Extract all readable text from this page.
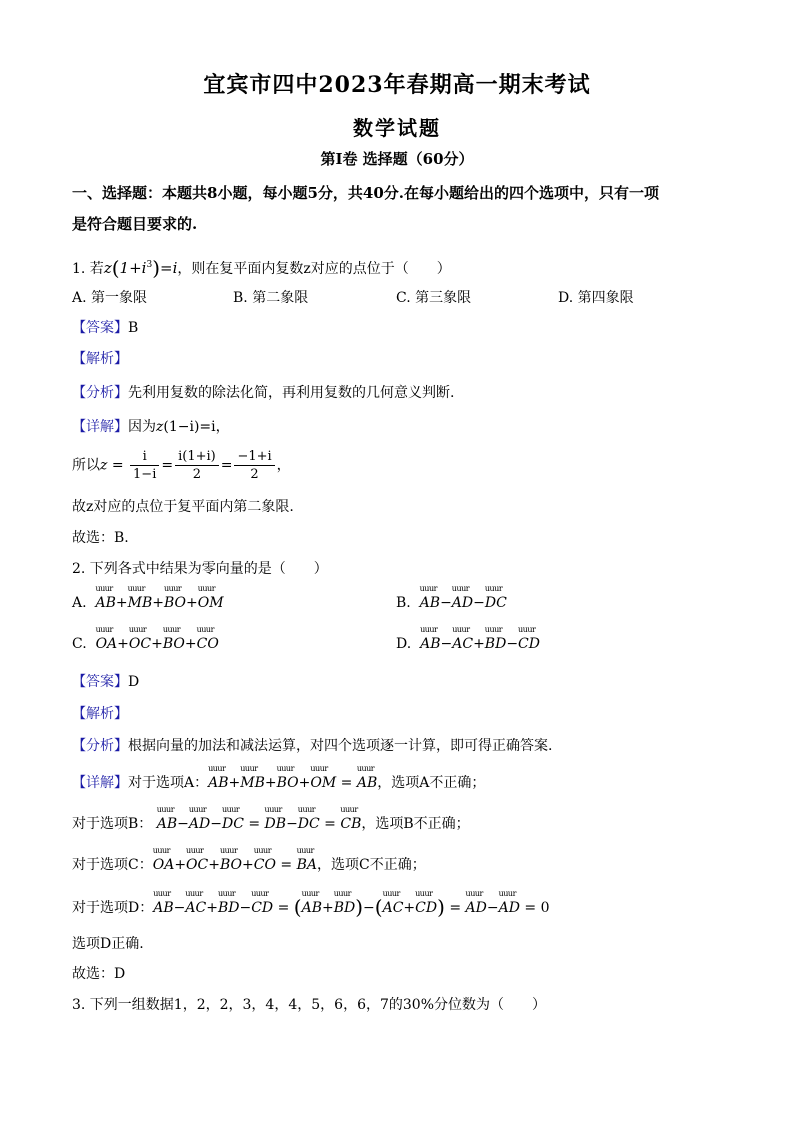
宜宾市四中2023年春期高一期末考试
数学试题
第I卷 选择题（60分）
一、选择题：本题共8小题，每小题5分，共40分.在每小题给出的四个选项中，只有一项
是符合题目要求的.
1. 若$z(1+i^3)=i$，则在复平面内复数z对应的点位于（　　）
A. 第一象限	B. 第二象限	C. 第三象限	D. 第四象限
【答案】B
【解析】
【分析】先利用复数的除法化简，再利用复数的几何意义判断.
【详解】因为z(1−i)=i，
所以$z = \frac{i}{1-i} = \frac{i(1+i)}{2} = \frac{-1+i}{2}$ ，
故z对应的点位于复平面内第二象限.
故选：B.
2. 下列各式中结果为零向量的是（　　）
A. uuur AB+uuur MB+uuur BO+uuur OM	B. uuur AB−uuur AD−uuur DC
C. uuur OA+uuur OC+uuur BO+uuur CO	D. uuur AB−uuur AC+uuur BD−uuur CD
【答案】D
【解析】
【分析】根据向量的加法和减法运算，对四个选项逐一计算，即可得正确答案.
【详解】对于选项A：uuur AB+uuur MB+uuur BO+uuur OM = uuur AB，选项A不正确；
对于选项B： uuur AB−uuur AD−uuur DC = uuur DB−uuur DC = uuur CB，选项B不正确；
对于选项C：uuur OA+uuur OC+uuur BO+uuur CO = uuur BA，选项C不正确；
对于选项D：uuur AB−uuur AC+uuur BD−uuur CD = (uuur AB+uuur BD)−(uuur AC+uuur CD) = uuur AD−uuur AD = 0
选项D正确.
故选：D
3. 下列一组数据1，2，2，3，4，4，5，6，6，7的30%分位数为（　　）
